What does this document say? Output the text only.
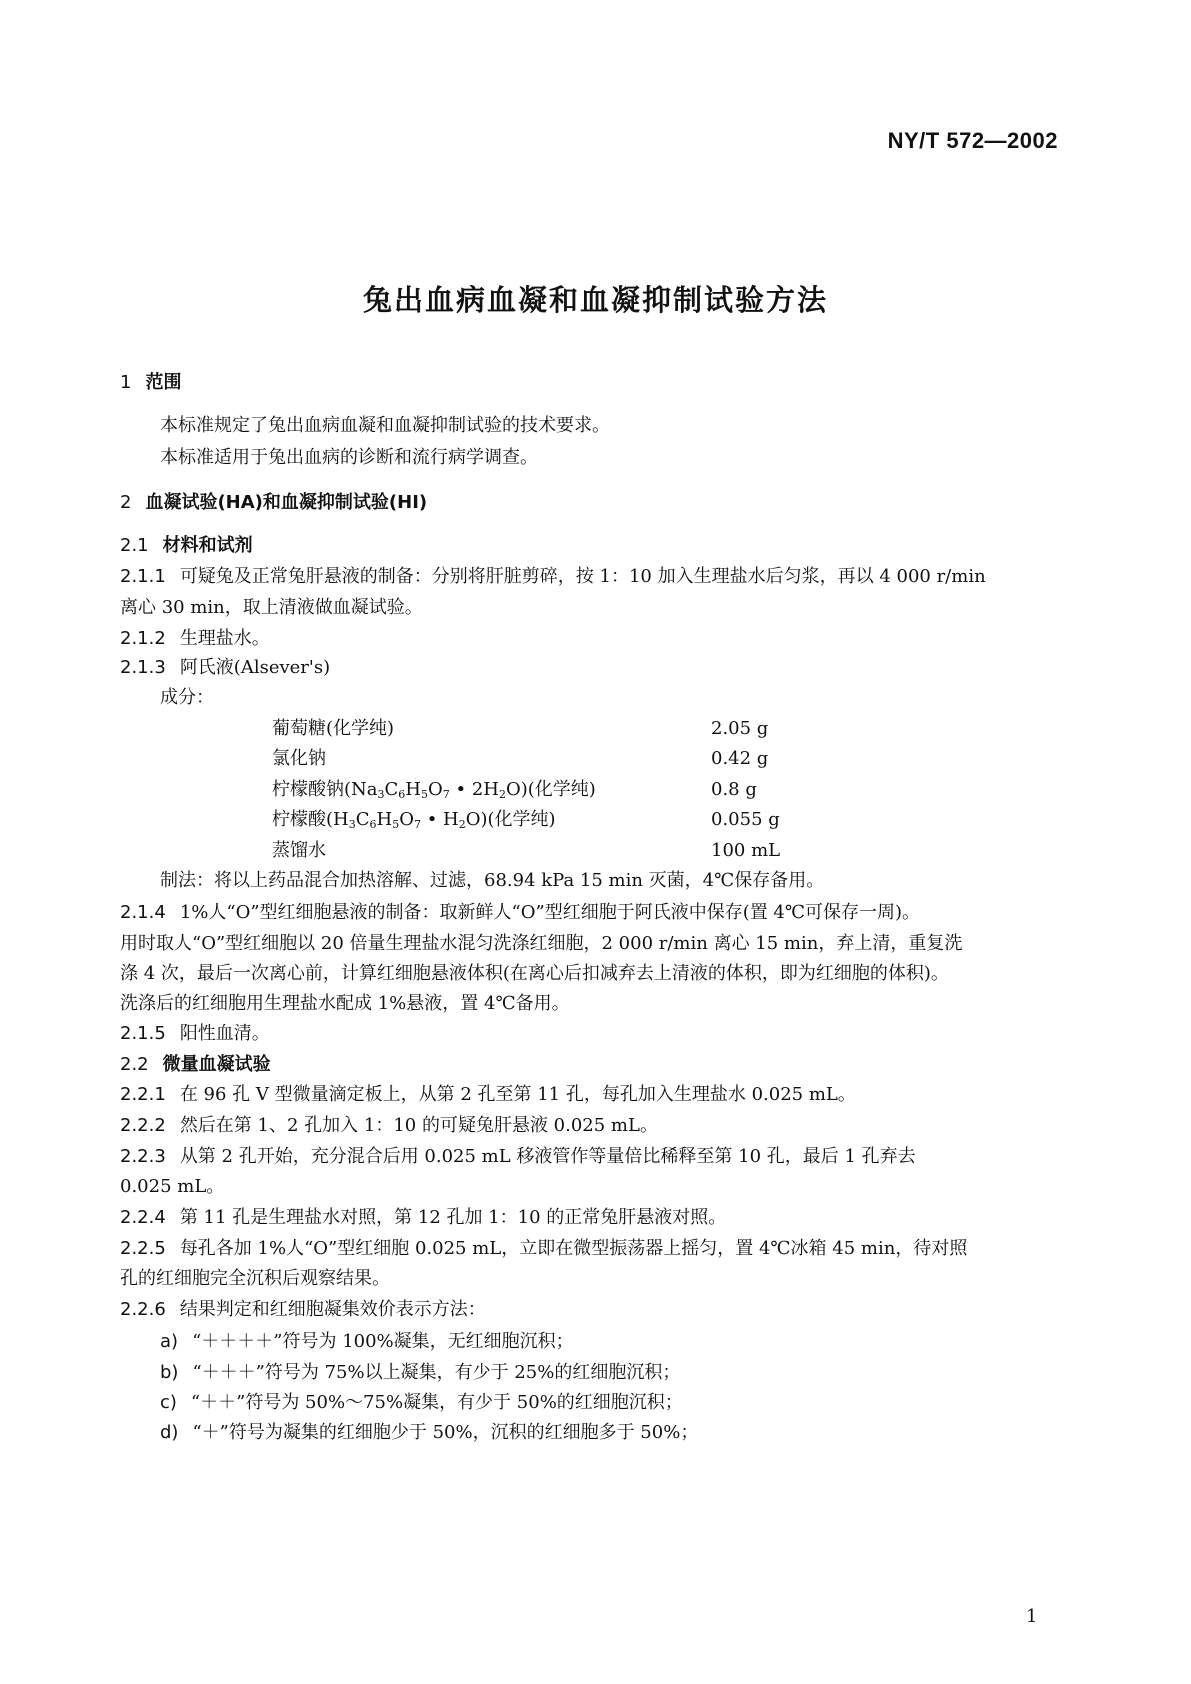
NY/T 572—2002
兔出血病血凝和血凝抑制试验方法
1 范围
本标准规定了兔出血病血凝和血凝抑制试验的技术要求。
本标准适用于兔出血病的诊断和流行病学调查。
2 血凝试验(HA)和血凝抑制试验(HI)
2.1 材料和试剂
2.1.1 可疑兔及正常兔肝悬液的制备：分别将肝脏剪碎，按 1：10 加入生理盐水后匀浆，再以 4 000 r/min
离心 30 min，取上清液做血凝试验。
2.1.2 生理盐水。
2.1.3 阿氏液(Alsever's)
成分：
葡萄糖(化学纯)	2.05 g
氯化钠	0.42 g
柠檬酸钠($Na_3C_6H_5O_7$ • $2H_2O$)(化学纯)	0.8 g
柠檬酸($H_3C_6H_5O_7$ • $H_2O$)(化学纯)	0.055 g
蒸馏水	100 mL
制法：将以上药品混合加热溶解、过滤，68.94 kPa 15 min 灭菌，4℃保存备用。
2.1.4 1%人“O”型红细胞悬液的制备：取新鲜人“O”型红细胞于阿氏液中保存(置 4℃可保存一周)。
用时取人“O”型红细胞以 20 倍量生理盐水混匀洗涤红细胞，2 000 r/min 离心 15 min，弃上清，重复洗
涤 4 次，最后一次离心前，计算红细胞悬液体积(在离心后扣减弃去上清液的体积，即为红细胞的体积)。
洗涤后的红细胞用生理盐水配成 1%悬液，置 4℃备用。
2.1.5 阳性血清。
2.2 微量血凝试验
2.2.1 在 96 孔 V 型微量滴定板上，从第 2 孔至第 11 孔，每孔加入生理盐水 0.025 mL。
2.2.2 然后在第 1、2 孔加入 1：10 的可疑兔肝悬液 0.025 mL。
2.2.3 从第 2 孔开始，充分混合后用 0.025 mL 移液管作等量倍比稀释至第 10 孔，最后 1 孔弃去
0.025 mL。
2.2.4 第 11 孔是生理盐水对照，第 12 孔加 1：10 的正常兔肝悬液对照。
2.2.5 每孔各加 1%人“O”型红细胞 0.025 mL，立即在微型振荡器上摇匀，置 4℃冰箱 45 min，待对照
孔的红细胞完全沉积后观察结果。
2.2.6 结果判定和红细胞凝集效价表示方法：
a) “＋＋＋＋”符号为 100%凝集，无红细胞沉积；
b) “＋＋＋”符号为 75%以上凝集，有少于 25%的红细胞沉积；
c) “＋＋”符号为 50%～75%凝集，有少于 50%的红细胞沉积；
d) “＋”符号为凝集的红细胞少于 50%，沉积的红细胞多于 50%；
1
